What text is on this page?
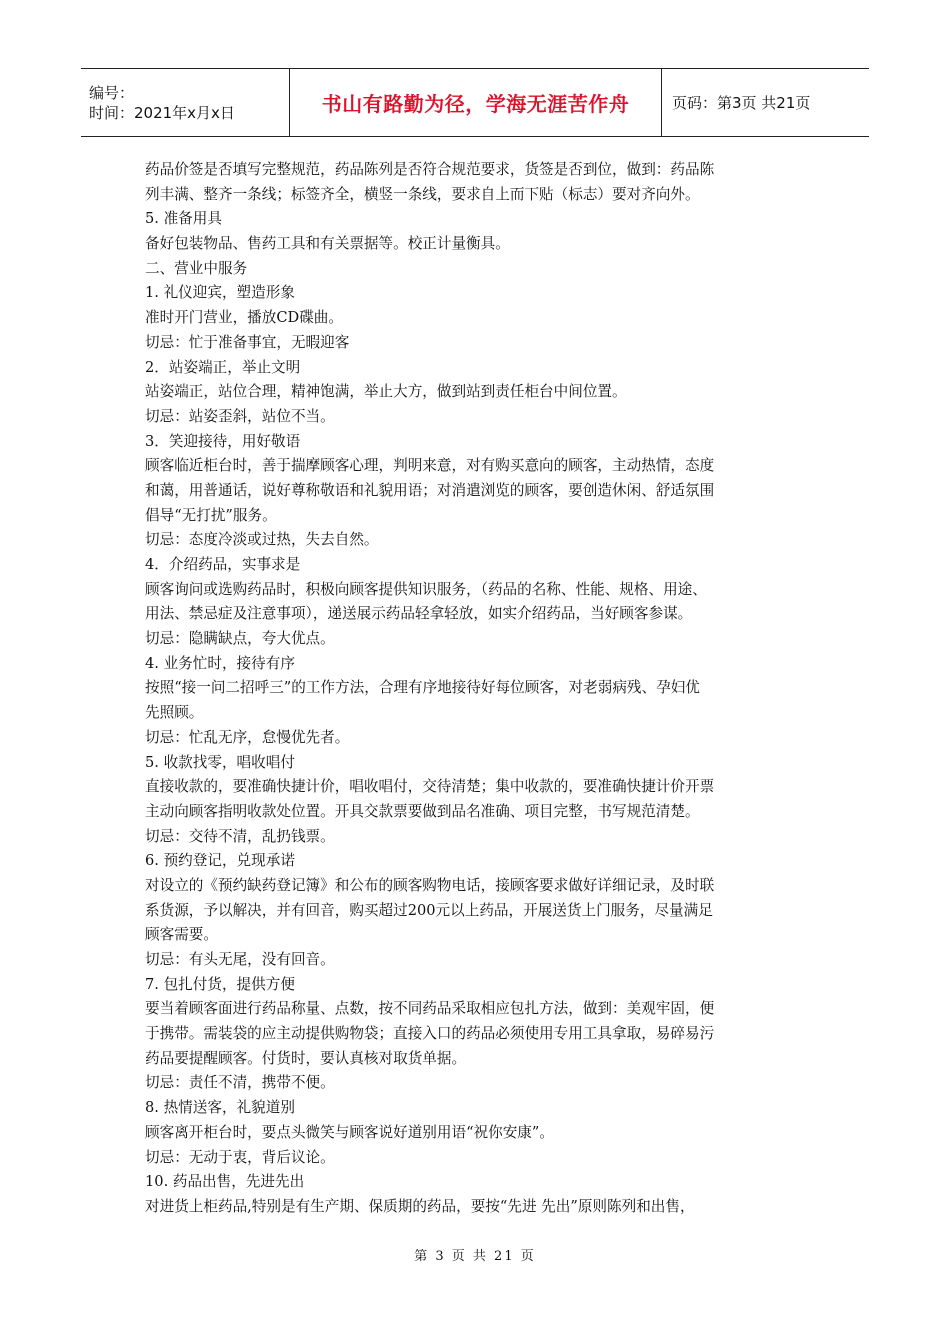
编号：
时间：2021年x月x日	书山有路勤为径，学海无涯苦作舟	页码：第3页 共21页
药品价签是否填写完整规范，药品陈列是否符合规范要求，货签是否到位，做到：药品陈
列丰满、整齐一条线；标签齐全，横竖一条线，要求自上而下贴（标志）要对齐向外。
5. 准备用具
备好包装物品、售药工具和有关票据等。校正计量衡具。
二、营业中服务
1. 礼仪迎宾，塑造形象
准时开门营业，播放CD碟曲。
切忌：忙于准备事宜，无暇迎客
2．站姿端正，举止文明
站姿端正，站位合理，精神饱满，举止大方，做到站到责任柜台中间位置。
切忌：站姿歪斜，站位不当。
3．笑迎接待，用好敬语
顾客临近柜台时，善于揣摩顾客心理，判明来意，对有购买意向的顾客，主动热情，态度
和蔼，用普通话，说好尊称敬语和礼貌用语；对消遣浏览的顾客，要创造休闲、舒适氛围
倡导“无打扰”服务。
切忌：态度冷淡或过热，失去自然。
4．介绍药品，实事求是
顾客询问或选购药品时，积极向顾客提供知识服务，（药品的名称、性能、规格、用途、
用法、禁忌症及注意事项），递送展示药品轻拿轻放，如实介绍药品，当好顾客参谋。
切忌：隐瞒缺点，夸大优点。
4. 业务忙时，接待有序
按照“接一问二招呼三”的工作方法，合理有序地接待好每位顾客，对老弱病残、孕妇优
先照顾。
切忌：忙乱无序，怠慢优先者。
5. 收款找零，唱收唱付
直接收款的，要准确快捷计价，唱收唱付，交待清楚；集中收款的，要准确快捷计价开票
主动向顾客指明收款处位置。开具交款票要做到品名准确、项目完整，书写规范清楚。
切忌：交待不清，乱扔钱票。
6. 预约登记，兑现承诺
对设立的《预约缺药登记簿》和公布的顾客购物电话，接顾客要求做好详细记录，及时联
系货源，予以解决，并有回音，购买超过200元以上药品，开展送货上门服务，尽量满足
顾客需要。
切忌：有头无尾，没有回音。
7. 包扎付货，提供方便
要当着顾客面进行药品称量、点数，按不同药品采取相应包扎方法，做到：美观牢固，便
于携带。需装袋的应主动提供购物袋；直接入口的药品必须使用专用工具拿取，易碎易污
药品要提醒顾客。付货时，要认真核对取货单据。
切忌：责任不清，携带不便。
8. 热情送客，礼貌道别
顾客离开柜台时，要点头微笑与顾客说好道别用语“祝你安康”。
切忌：无动于衷，背后议论。
10. 药品出售，先进先出
对进货上柜药品,特别是有生产期、保质期的药品，要按“先进 先出”原则陈列和出售，
第 3 页 共 21 页
